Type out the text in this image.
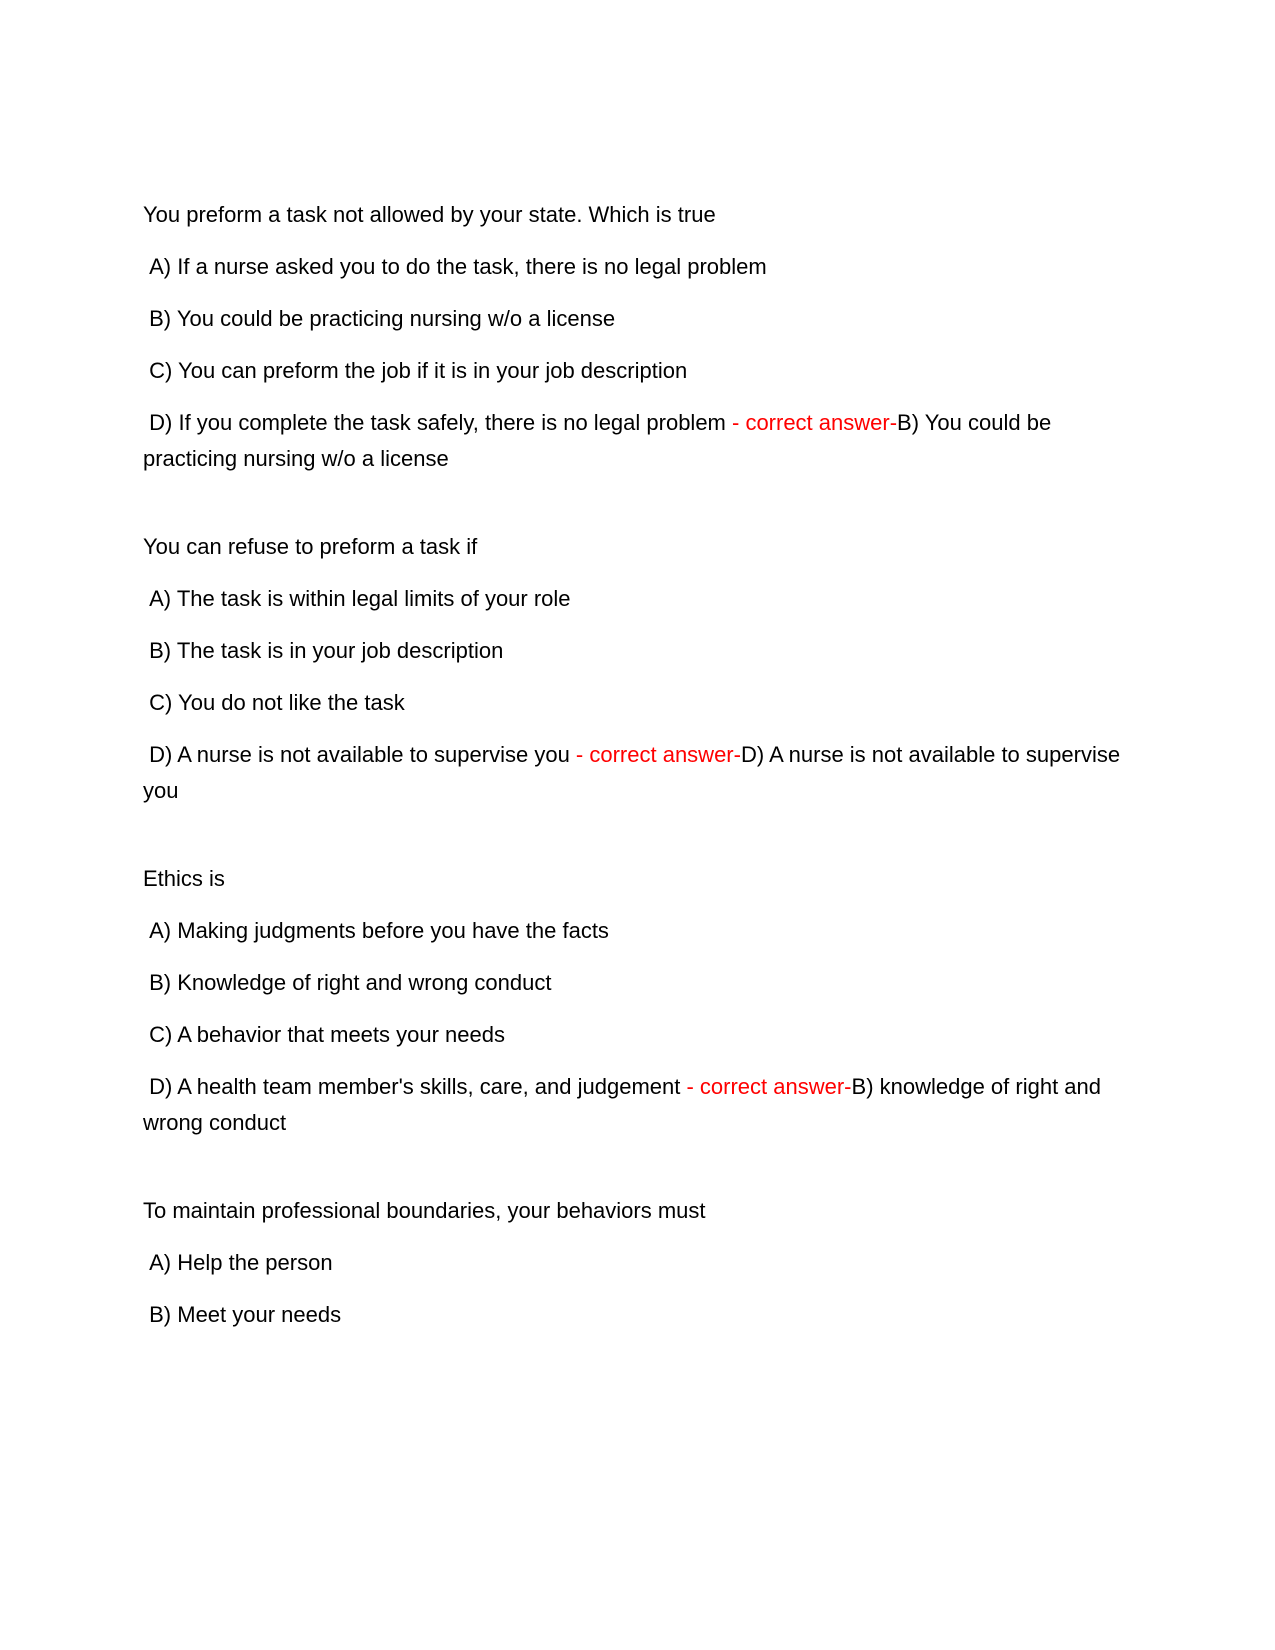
You preform a task not allowed by your state. Which is true

A) If a nurse asked you to do the task, there is no legal problem

B) You could be practicing nursing w/o a license

C) You can preform the job if it is in your job description

D) If you complete the task safely, there is no legal problem - correct answer-B) You could be practicing nursing w/o a license

You can refuse to preform a task if

A) The task is within legal limits of your role

B) The task is in your job description

C) You do not like the task

D) A nurse is not available to supervise you - correct answer-D) A nurse is not available to supervise you

Ethics is

A) Making judgments before you have the facts

B) Knowledge of right and wrong conduct

C) A behavior that meets your needs

D) A health team member's skills, care, and judgement - correct answer-B) knowledge of right and wrong conduct

To maintain professional boundaries, your behaviors must

A) Help the person

B) Meet your needs
